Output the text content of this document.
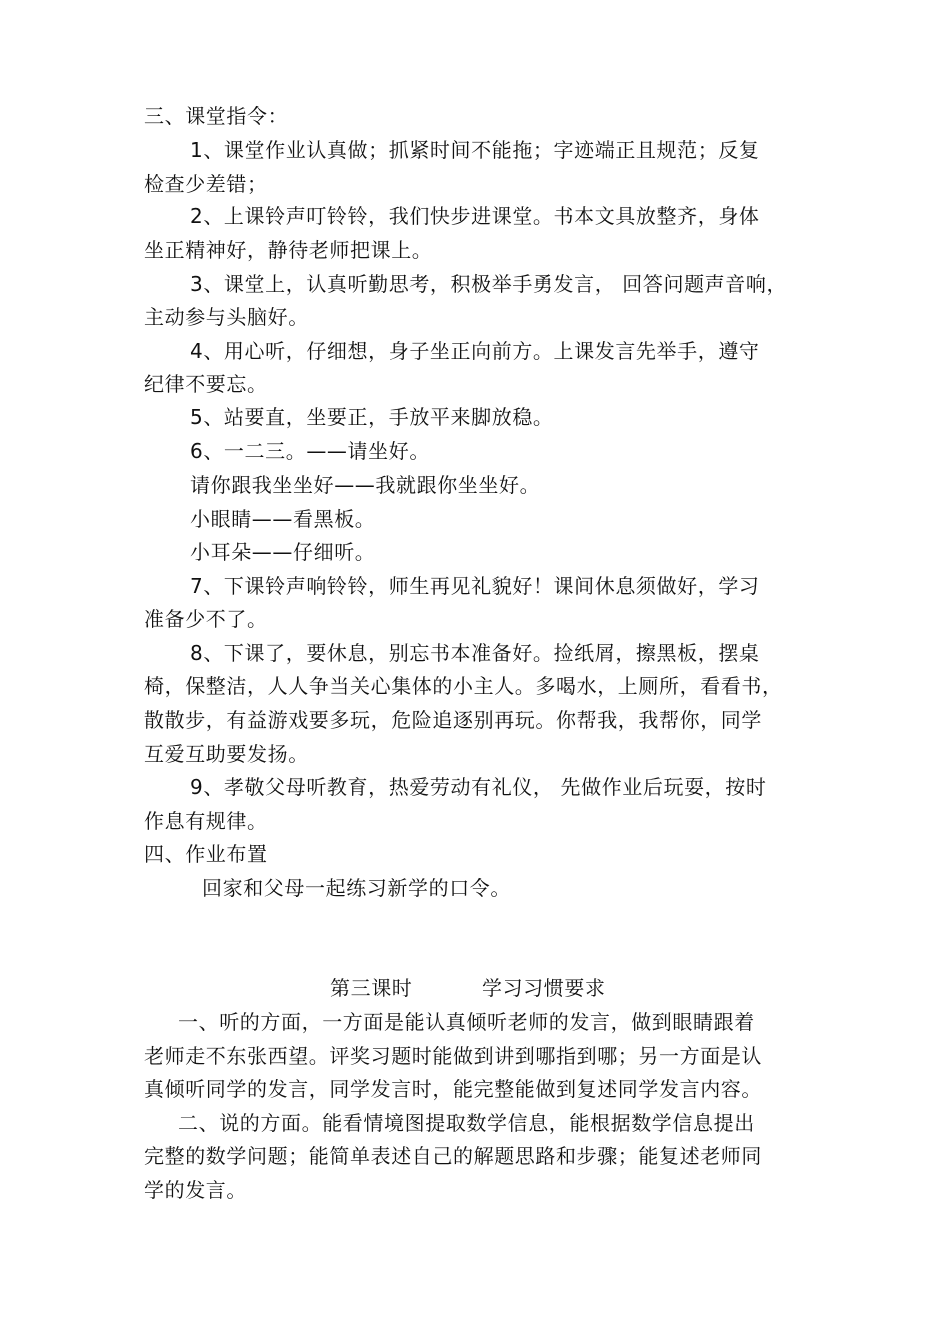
三、课堂指令：
1、课堂作业认真做；抓紧时间不能拖；字迹端正且规范；反复
检查少差错；
2、上课铃声叮铃铃，我们快步进课堂。书本文具放整齐，身体
坐正精神好，静待老师把课上。
3、课堂上，认真听勤思考，积极举手勇发言， 回答问题声音响，
主动参与头脑好。
4、用心听，仔细想，身子坐正向前方。上课发言先举手，遵守
纪律不要忘。
5、站要直，坐要正，手放平来脚放稳。
6、一二三。——请坐好。
请你跟我坐坐好——我就跟你坐坐好。
小眼睛——看黑板。
小耳朵——仔细听。
7、下课铃声响铃铃，师生再见礼貌好！课间休息须做好，学习
准备少不了。
8、下课了，要休息，别忘书本准备好。捡纸屑，擦黑板，摆桌
椅，保整洁，人人争当关心集体的小主人。多喝水，上厕所，看看书，
散散步，有益游戏要多玩，危险追逐别再玩。你帮我，我帮你，同学
互爱互助要发扬。
9、孝敬父母听教育，热爱劳动有礼仪， 先做作业后玩耍，按时
作息有规律。
四、作业布置
回家和父母一起练习新学的口令。
第三课时          学习习惯要求
一、听的方面，一方面是能认真倾听老师的发言，做到眼睛跟着
老师走不东张西望。评奖习题时能做到讲到哪指到哪；另一方面是认
真倾听同学的发言，同学发言时，能完整能做到复述同学发言内容。
二、说的方面。能看情境图提取数学信息，能根据数学信息提出
完整的数学问题；能简单表述自己的解题思路和步骤；能复述老师同
学的发言。
